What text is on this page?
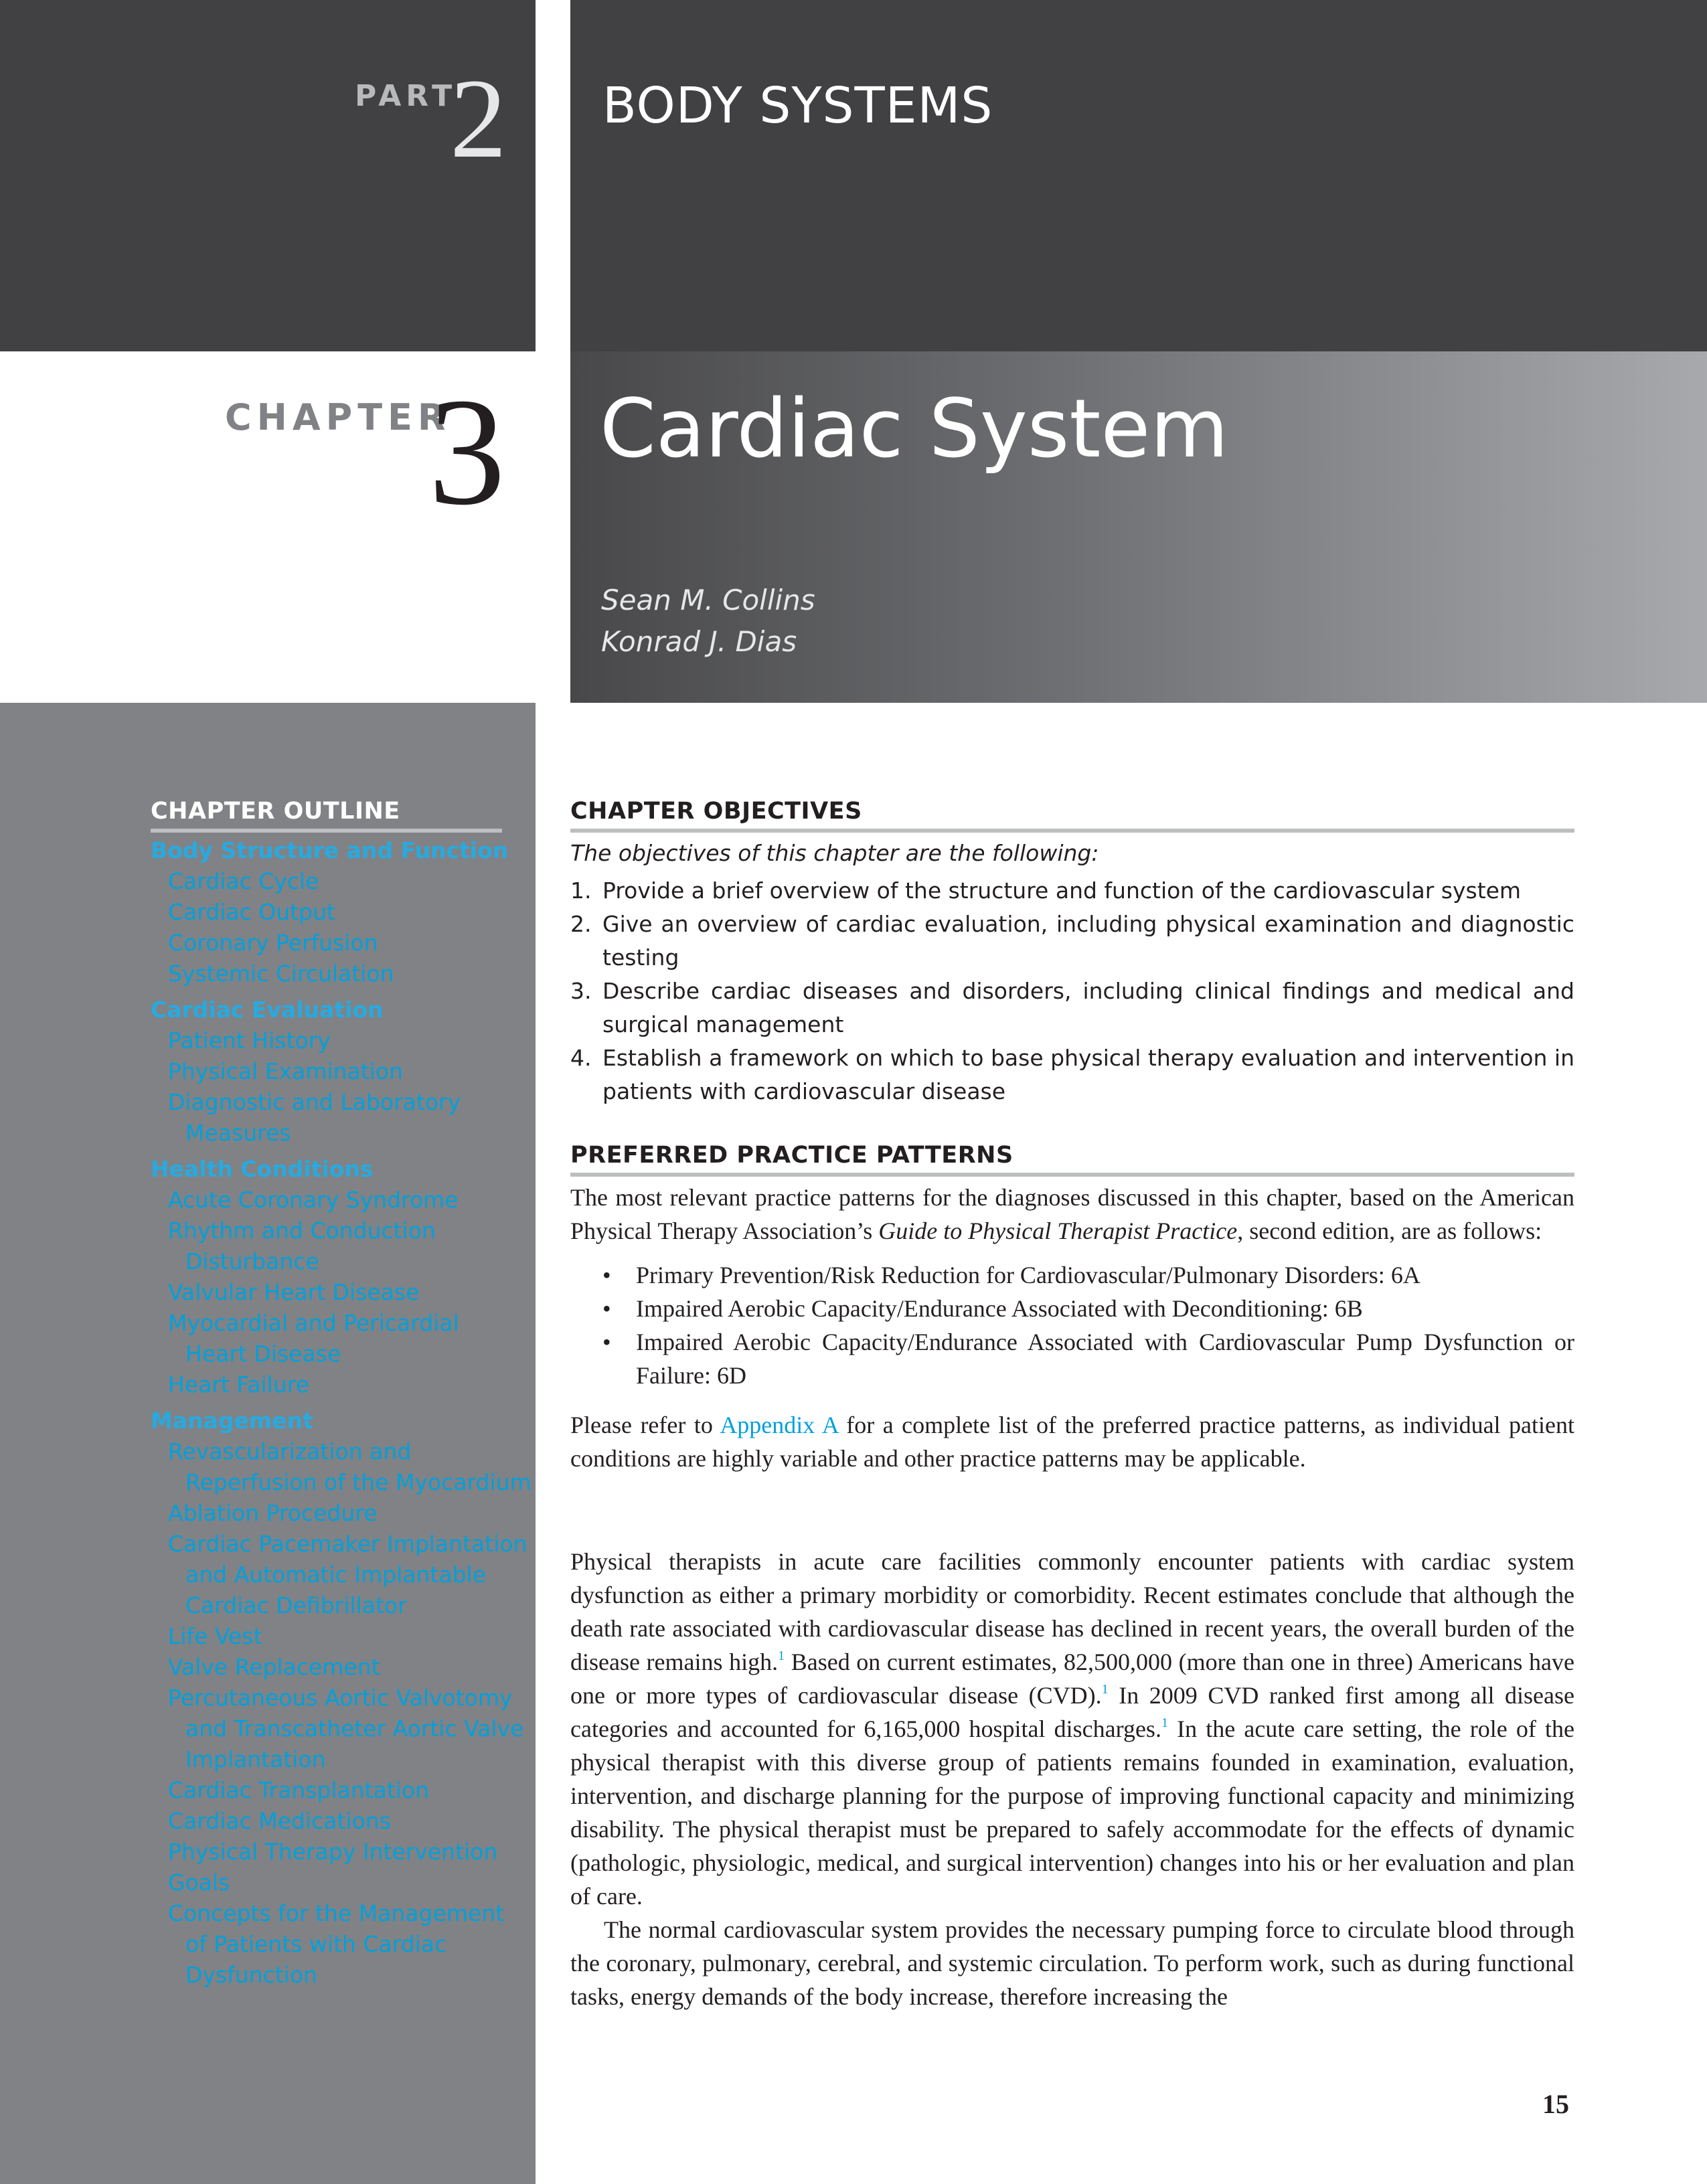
PART
2 BODY SYSTEMS
CHAPTER
3 Cardiac System
Sean M. Collins
Konrad J. Dias
CHAPTER OUTLINE
Body Structure and Function
Cardiac Cycle
Cardiac Output
Coronary Perfusion
Systemic Circulation
Cardiac Evaluation
Patient History
Physical Examination
Diagnostic and Laboratory
Measures
Health Conditions
Acute Coronary Syndrome
Rhythm and Conduction
Disturbance
Valvular Heart Disease
Myocardial and Pericardial
Heart Disease
Heart Failure
Management
Revascularization and
Reperfusion of the Myocardium
Ablation Procedure
Cardiac Pacemaker Implantation
and Automatic Implantable
Cardiac Defibrillator
Life Vest
Valve Replacement
Percutaneous Aortic Valvotomy
and Transcatheter Aortic Valve
Implantation
Cardiac Transplantation
Cardiac Medications
Physical Therapy Intervention
Goals
Concepts for the Management
of Patients with Cardiac
Dysfunction
CHAPTER OBJECTIVES
The objectives of this chapter are the following:
1. Provide a brief overview of the structure and function of the cardiovascular system
2. Give an overview of cardiac evaluation, including physical examination and diagnostic testing
3. Describe cardiac diseases and disorders, including clinical findings and medical and surgical management
4. Establish a framework on which to base physical therapy evaluation and intervention in patients with cardiovascular disease
PREFERRED PRACTICE PATTERNS

The most relevant practice patterns for the diagnoses discussed in this chapter, based on the American Physical Therapy Association’s Guide to Physical Therapist Practice, second edition, are as follows:

• Primary Prevention/Risk Reduction for Cardiovascular/Pulmonary Disorders: 6A
• Impaired Aerobic Capacity/Endurance Associated with Deconditioning: 6B
• Impaired Aerobic Capacity/Endurance Associated with Cardiovascular Pump Dysfunction or Failure: 6D

Please refer to Appendix A for a complete list of the preferred practice patterns, as individual patient conditions are highly variable and other practice patterns may be applicable.

Physical therapists in acute care facilities commonly encounter patients with cardiac system dysfunction as either a primary morbidity or comorbidity. Recent estimates conclude that although the death rate associated with cardiovascular disease has declined in recent years, the overall burden of the disease remains high.$^1$ Based on current estimates, 82,500,000 (more than one in three) Americans have one or more types of cardiovascular disease (CVD).$^1$ In 2009 CVD ranked first among all disease categories and accounted for 6,165,000 hospital discharges.$^1$ In the acute care setting, the role of the physical therapist with this diverse group of patients remains founded in examination, evaluation, intervention, and discharge planning for the purpose of improving functional capacity and minimizing disability. The physical therapist must be prepared to safely accommodate for the effects of dynamic (pathologic, physiologic, medical, and surgical intervention) changes into his or her evaluation and plan of care.

The normal cardiovascular system provides the necessary pumping force to circulate blood through the coronary, pulmonary, cerebral, and systemic circulation. To perform work, such as during functional tasks, energy demands of the body increase, therefore increasing the

15
